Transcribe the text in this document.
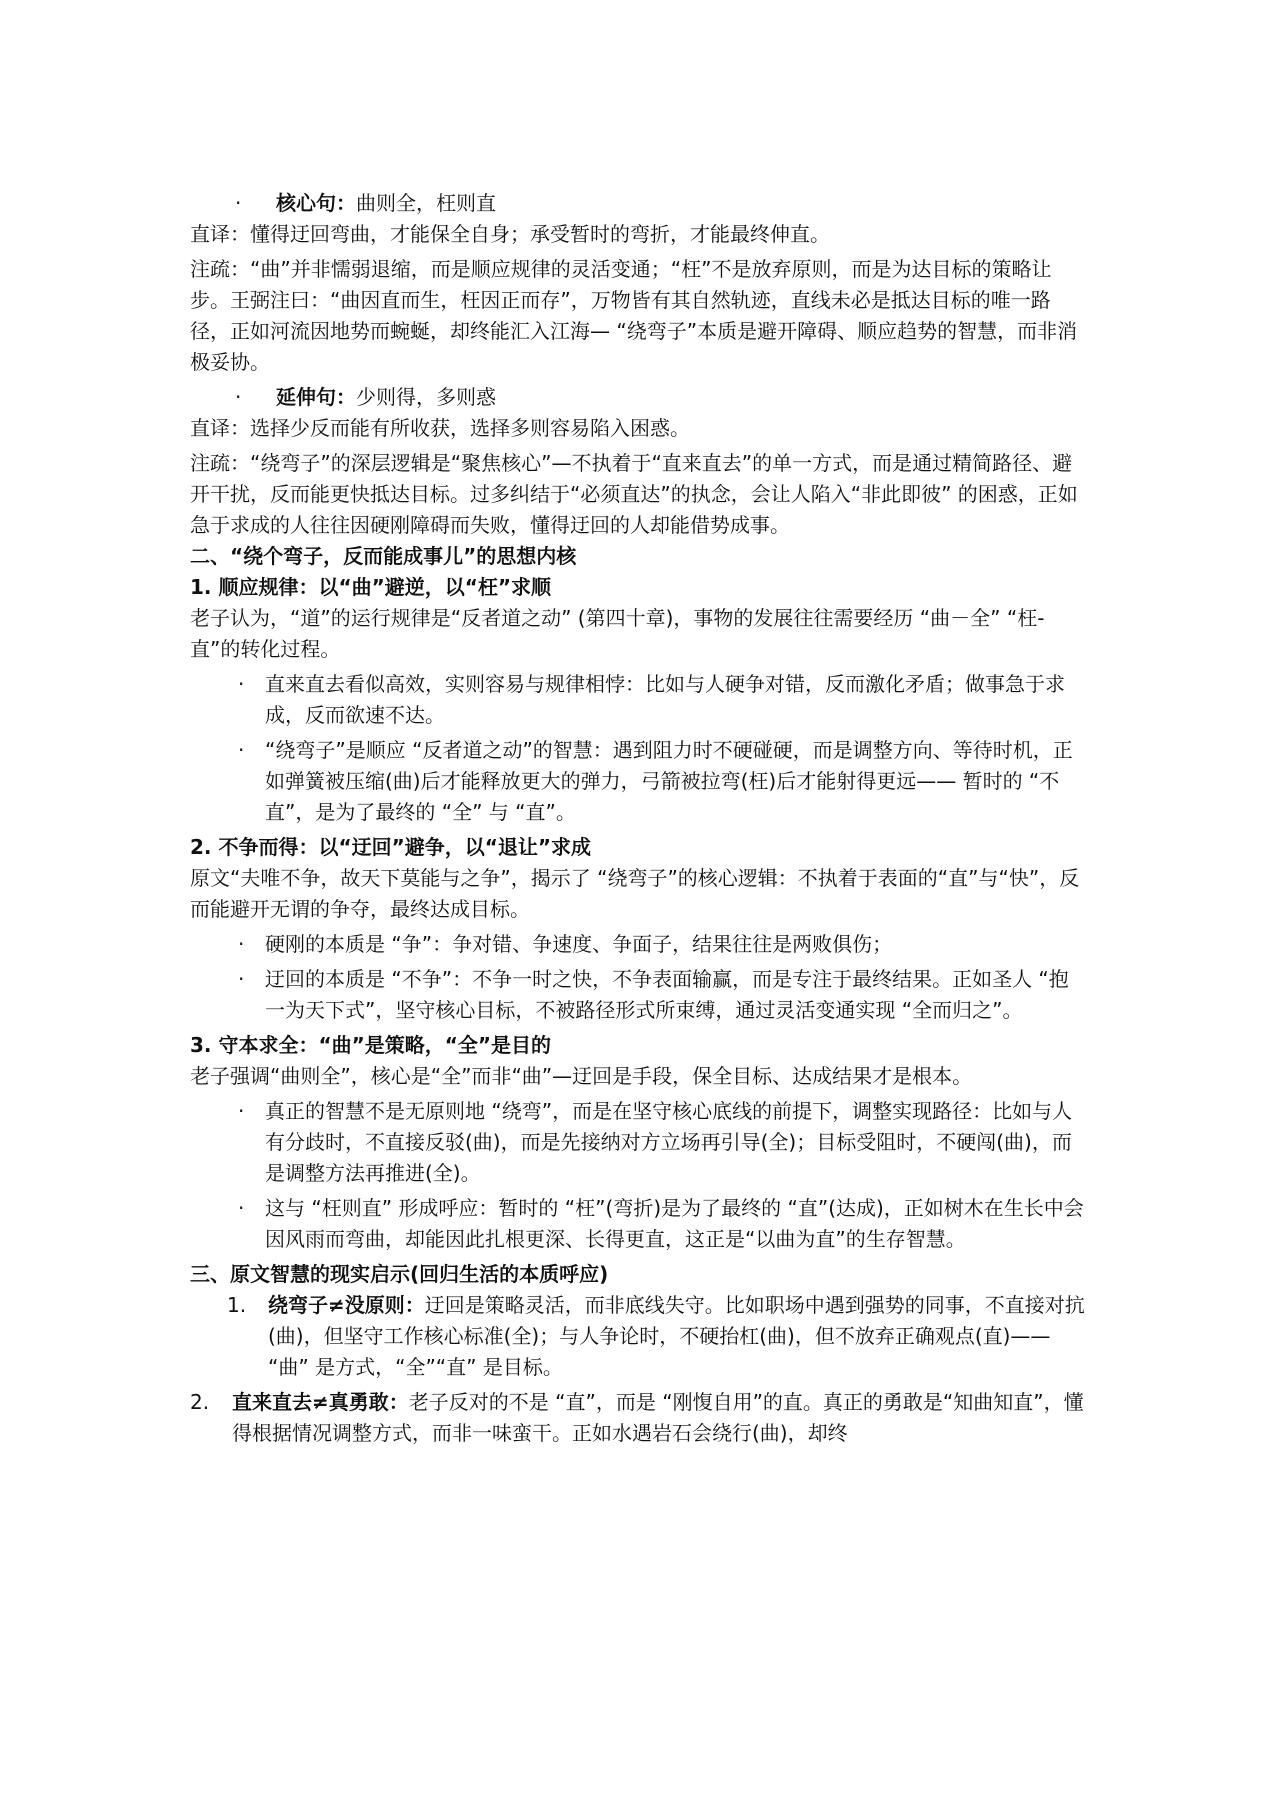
· 核心句：曲则全，枉则直

直译：懂得迂回弯曲，才能保全自身；承受暂时的弯折，才能最终伸直。

注疏：“曲”并非懦弱退缩，而是顺应规律的灵活变通；“枉”不是放弃原则，而是为达目标的策略让步。王弼注曰：“曲因直而生，枉因正而存”，万物皆有其自然轨迹，直线未必是抵达目标的唯一路径，正如河流因地势而蜿蜒，却终能汇入江海— “绕弯子”本质是避开障碍、顺应趋势的智慧，而非消极妥协。

· 延伸句：少则得，多则惑

直译：选择少反而能有所收获，选择多则容易陷入困惑。

注疏：“绕弯子”的深层逻辑是“聚焦核心”—不执着于“直来直去”的单一方式，而是通过精简路径、避开干扰，反而能更快抵达目标。过多纠结于“必须直达”的执念，会让人陷入“非此即彼” 的困惑，正如急于求成的人往往因硬刚障碍而失败，懂得迂回的人却能借势成事。

二、“绕个弯子，反而能成事儿”的思想内核

1. 顺应规律：以“曲”避逆，以“枉”求顺

老子认为，“道”的运行规律是“反者道之动” (第四十章)，事物的发展往往需要经历 “曲－全” “枉- 直”的转化过程。

· 直来直去看似高效，实则容易与规律相悖：比如与人硬争对错，反而激化矛盾；做事急于求成，反而欲速不达。

· “绕弯子”是顺应 “反者道之动”的智慧：遇到阻力时不硬碰硬，而是调整方向、等待时机，正如弹簧被压缩(曲)后才能释放更大的弹力，弓箭被拉弯(枉)后才能射得更远—— 暂时的 “不直”，是为了最终的 “全” 与 “直”。

2. 不争而得：以“迂回”避争，以“退让”求成

原文“夫唯不争，故天下莫能与之争”，揭示了 “绕弯子”的核心逻辑：不执着于表面的“直”与“快”，反而能避开无谓的争夺，最终达成目标。

· 硬刚的本质是 “争”：争对错、争速度、争面子，结果往往是两败俱伤；

· 迂回的本质是 “不争”：不争一时之快，不争表面输赢，而是专注于最终结果。正如圣人 “抱一为天下式”，坚守核心目标，不被路径形式所束缚，通过灵活变通实现 “全而归之”。

3. 守本求全：“曲”是策略，“全”是目的

老子强调“曲则全”，核心是“全”而非“曲”—迂回是手段，保全目标、达成结果才是根本。

· 真正的智慧不是无原则地 “绕弯”，而是在坚守核心底线的前提下，调整实现路径：比如与人有分歧时，不直接反驳(曲)，而是先接纳对方立场再引导(全)；目标受阻时，不硬闯(曲)，而是调整方法再推进(全)。

· 这与 “枉则直” 形成呼应：暂时的 “枉”(弯折)是为了最终的 “直”(达成)，正如树木在生长中会因风雨而弯曲，却能因此扎根更深、长得更直，这正是“以曲为直”的生存智慧。

三、原文智慧的现实启示(回归生活的本质呼应)

1. 绕弯子≠没原则：迂回是策略灵活，而非底线失守。比如职场中遇到强势的同事，不直接对抗(曲)，但坚守工作核心标准(全)；与人争论时，不硬抬杠(曲)，但不放弃正确观点(直)—— “曲” 是方式，“全”“直” 是目标。

2. 直来直去≠真勇敢：老子反对的不是 “直”，而是 “刚愎自用”的直。真正的勇敢是“知曲知直”，懂得根据情况调整方式，而非一味蛮干。正如水遇岩石会绕行(曲)，却终
